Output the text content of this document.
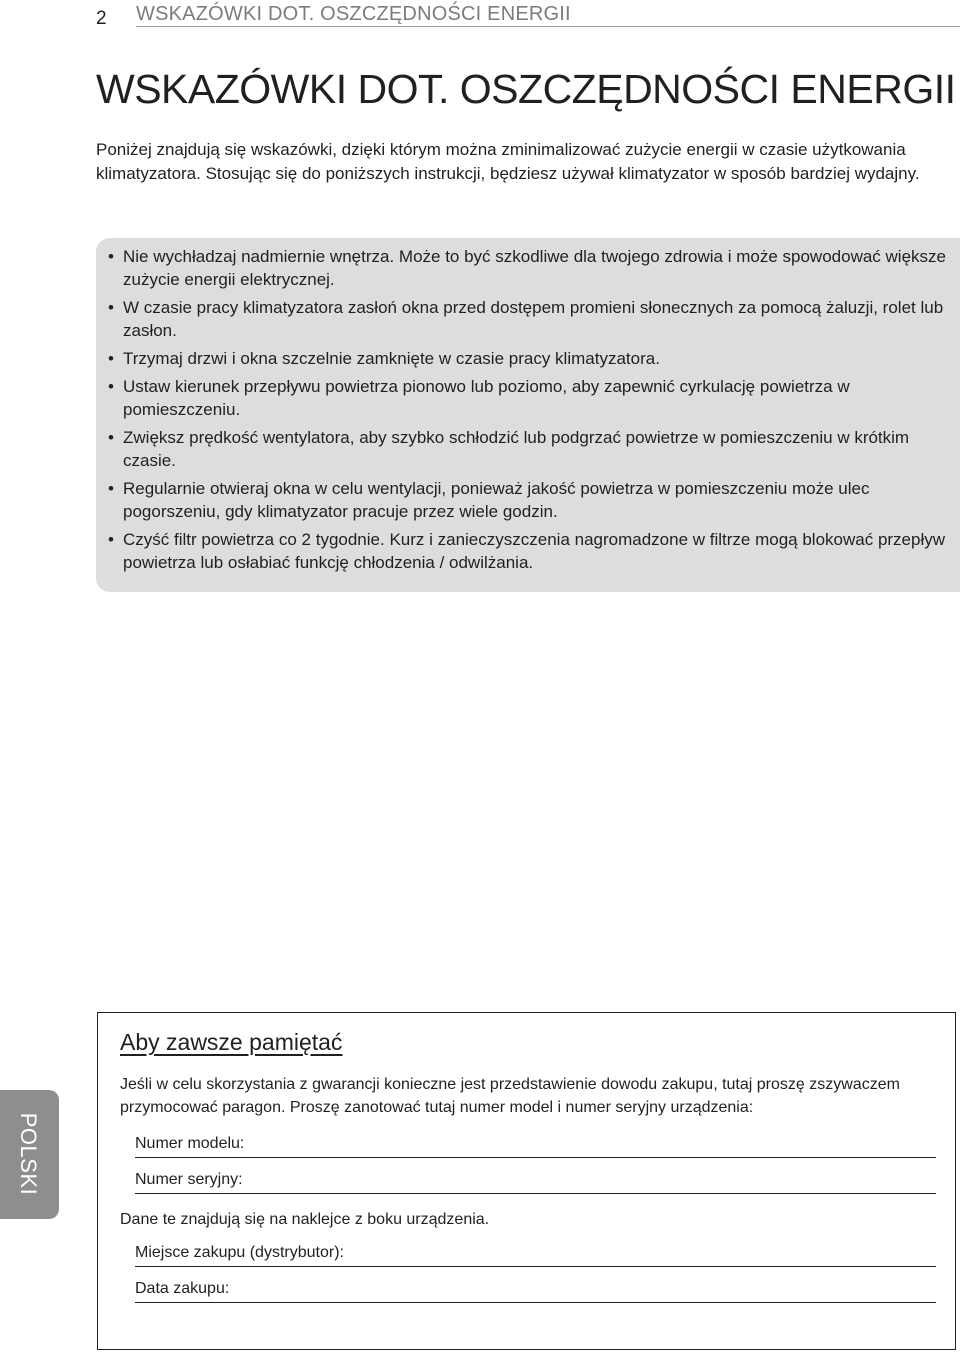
2 WSKAZÓWKI DOT. OSZCZĘDNOŚCI ENERGII
WSKAZÓWKI DOT. OSZCZĘDNOŚCI ENERGII

Poniżej znajdują się wskazówki, dzięki którym można zminimalizować zużycie energii w czasie użytkowania klimatyzatora. Stosując się do poniższych instrukcji, będziesz używał klimatyzator w sposób bardziej wydajny.

• Nie wychładzaj nadmiernie wnętrza. Może to być szkodliwe dla twojego zdrowia i może spowodować większe zużycie energii elektrycznej.
• W czasie pracy klimatyzatora zasłoń okna przed dostępem promieni słonecznych za pomocą żaluzji, rolet lub zasłon.
• Trzymaj drzwi i okna szczelnie zamknięte w czasie pracy klimatyzatora.
• Ustaw kierunek przepływu powietrza pionowo lub poziomo, aby zapewnić cyrkulację powietrza w pomieszczeniu.
• Zwiększ prędkość wentylatora, aby szybko schłodzić lub podgrzać powietrze w pomieszczeniu w krótkim czasie.
• Regularnie otwieraj okna w celu wentylacji, ponieważ jakość powietrza w pomieszczeniu może ulec pogorszeniu, gdy klimatyzator pracuje przez wiele godzin.
• Czyść filtr powietrza co 2 tygodnie. Kurz i zanieczyszczenia nagromadzone w filtrze mogą blokować przepływ powietrza lub osłabiać funkcję chłodzenia / odwilżania.
POLSKI
Aby zawsze pamiętać

Jeśli w celu skorzystania z gwarancji konieczne jest przedstawienie dowodu zakupu, tutaj proszę zszywaczem przymocować paragon. Proszę zanotować tutaj numer model i numer seryjny urządzenia:

Numer modelu:
Numer seryjny:
Dane te znajdują się na naklejce z boku urządzenia.
Miejsce zakupu (dystrybutor):
Data zakupu:
